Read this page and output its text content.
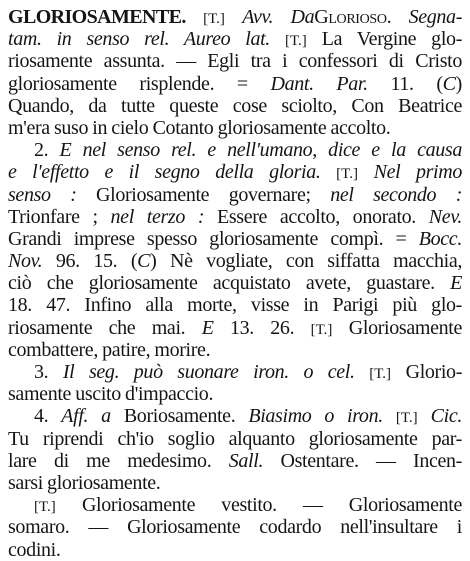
GLORIOSAMENTE. [T.] Avv. DaGlorioso. Segna-
tam. in senso rel. Aureo lat. [T.] La Vergine glo-
riosamente assunta. — Egli tra i confessori di Cristo
gloriosamente risplende. = Dant. Par. 11. (C)
Quando, da tutte queste cose sciolto, Con Beatrice
m'era suso in cielo Cotanto gloriosamente accolto.
2. E nel senso rel. e nell'umano, dice e la causa
e l'effetto e il segno della gloria. [T.] Nel primo
senso : Gloriosamente governare; nel secondo :
Trionfare ; nel terzo : Essere accolto, onorato. Nev.
Grandi imprese spesso gloriosamente compì. = Bocc.
Nov. 96. 15. (C) Nè vogliate, con siffatta macchia,
ciò che gloriosamente acquistato avete, guastare. E
18. 47. Infino alla morte, visse in Parigi più glo-
riosamente che mai. E 13. 26. [T.] Gloriosamente
combattere, patire, morire.
3. Il seg. può suonare iron. o cel. [T.] Glorio-
samente uscito d'impaccio.
4. Aff. a Boriosamente. Biasimo o iron. [T.] Cic.
Tu riprendi ch'io soglio alquanto gloriosamente par-
lare di me medesimo. Sall. Ostentare. — Incen-
sarsi gloriosamente.
[T.] Gloriosamente vestito. — Gloriosamente
somaro. — Gloriosamente codardo nell'insultare i
codini.
